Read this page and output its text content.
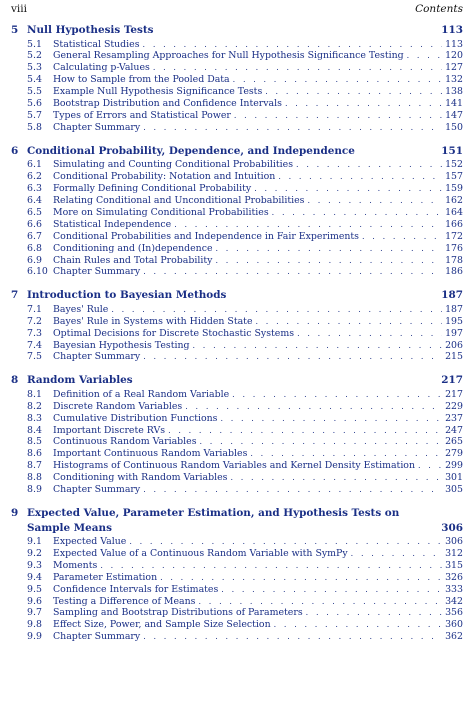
viii	Contents
5 Null Hypothesis Tests	113
5.1	Statistical Studies . . .	113
5.2	General Resampling Approaches for Null Hypothesis Significance Testing . . .	120
5.3	Calculating p-Values . . .	127
5.4	How to Sample from the Pooled Data . . .	132
5.5	Example Null Hypothesis Significance Tests . . .	138
5.6	Bootstrap Distribution and Confidence Intervals . . .	141
5.7	Types of Errors and Statistical Power . . .	147
5.8	Chapter Summary . . .	150
6 Conditional Probability, Dependence, and Independence	151
6.1	Simulating and Counting Conditional Probabilities . . .	152
6.2	Conditional Probability: Notation and Intuition . . .	157
6.3	Formally Defining Conditional Probability . . .	159
6.4	Relating Conditional and Unconditional Probabilities . . .	162
6.5	More on Simulating Conditional Probabilities . . .	164
6.6	Statistical Independence . . .	166
6.7	Conditional Probabilities and Independence in Fair Experiments . . .	172
6.8	Conditioning and (In)dependence . . .	176
6.9	Chain Rules and Total Probability . . .	178
6.10 Chapter Summary . . .	186
7 Introduction to Bayesian Methods	187
7.1	Bayes' Rule . . .	187
7.2	Bayes' Rule in Systems with Hidden State . . .	195
7.3	Optimal Decisions for Discrete Stochastic Systems . . .	197
7.4	Bayesian Hypothesis Testing . . .	206
7.5	Chapter Summary . . .	215
8 Random Variables	217
8.1	Definition of a Real Random Variable . . .	217
8.2	Discrete Random Variables . . .	229
8.3	Cumulative Distribution Functions . . .	237
8.4	Important Discrete RVs . . .	247
8.5	Continuous Random Variables . . .	265
8.6	Important Continuous Random Variables . . .	279
8.7	Histograms of Continuous Random Variables and Kernel Density Estimation . . .	299
8.8	Conditioning with Random Variables . . .	301
8.9	Chapter Summary . . .	305
9 Expected Value, Parameter Estimation, and Hypothesis Tests on
Sample Means	306
9.1	Expected Value . . .	306
9.2	Expected Value of a Continuous Random Variable with SymPy . . .	312
9.3	Moments . . .	315
9.4	Parameter Estimation . . .	326
9.5	Confidence Intervals for Estimates . . .	333
9.6	Testing a Difference of Means . . .	342
9.7	Sampling and Bootstrap Distributions of Parameters . . .	356
9.8	Effect Size, Power, and Sample Size Selection . . .	360
9.9	Chapter Summary . . .	362
